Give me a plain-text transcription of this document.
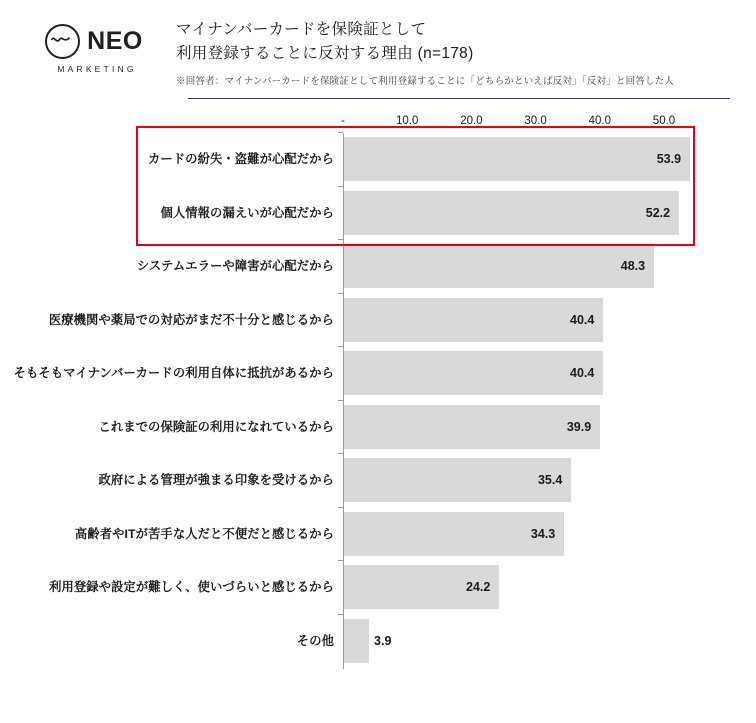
NEO
MARKETING
マイナンバーカードを保険証として
利用登録することに反対する理由 (n=178)
※回答者：マイナンバーカードを保険証として利用登録することに「どちらかといえば反対」「反対」と回答した人
-	10.0	20.0	30.0	40.0	50.0
カードの紛失・盗難が心配だから	53.9
個人情報の漏えいが心配だから	52.2
システムエラーや障害が心配だから	48.3
医療機関や薬局での対応がまだ不十分と感じるから	40.4
そもそもマイナンバーカードの利用自体に抵抗があるから	40.4
これまでの保険証の利用になれているから	39.9
政府による管理が強まる印象を受けるから	35.4
高齢者やITが苦手な人だと不便だと感じるから	34.3
利用登録や設定が難しく、使いづらいと感じるから	24.2
その他	3.9
